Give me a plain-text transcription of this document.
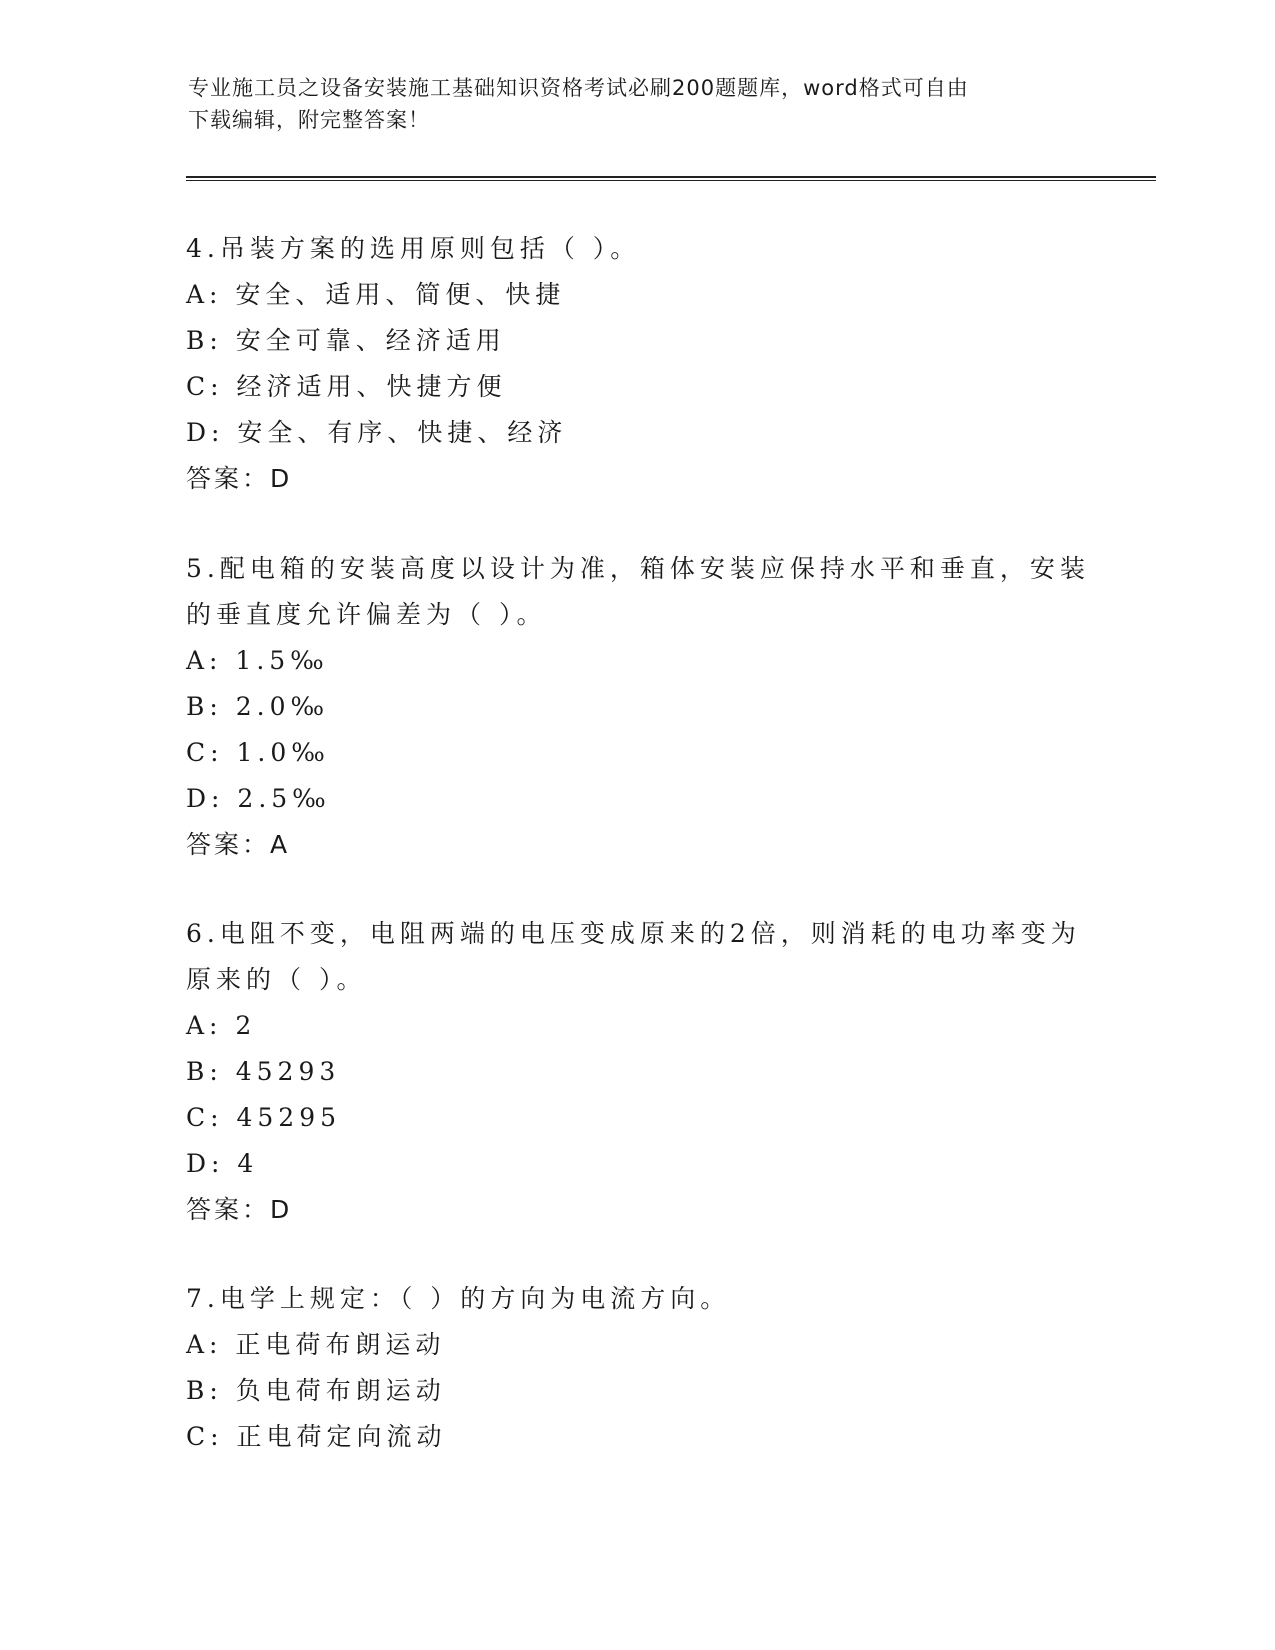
专业施工员之设备安装施工基础知识资格考试必刷200题题库，word格式可自由
下载编辑，附完整答案！
4.吊装方案的选用原则包括（ ）。
A: 安全、适用、简便、快捷
B: 安全可靠、经济适用
C: 经济适用、快捷方便
D: 安全、有序、快捷、经济
答案：D
5.配电箱的安装高度以设计为准，箱体安装应保持水平和垂直，安装
的垂直度允许偏差为（ ）。
A: 1.5‰
B: 2.0‰
C: 1.0‰
D: 2.5‰
答案：A
6.电阻不变，电阻两端的电压变成原来的2倍，则消耗的电功率变为
原来的（ ）。
A: 2
B: 45293
C: 45295
D: 4
答案：D
7.电学上规定：（ ）的方向为电流方向。
A: 正电荷布朗运动
B: 负电荷布朗运动
C: 正电荷定向流动
